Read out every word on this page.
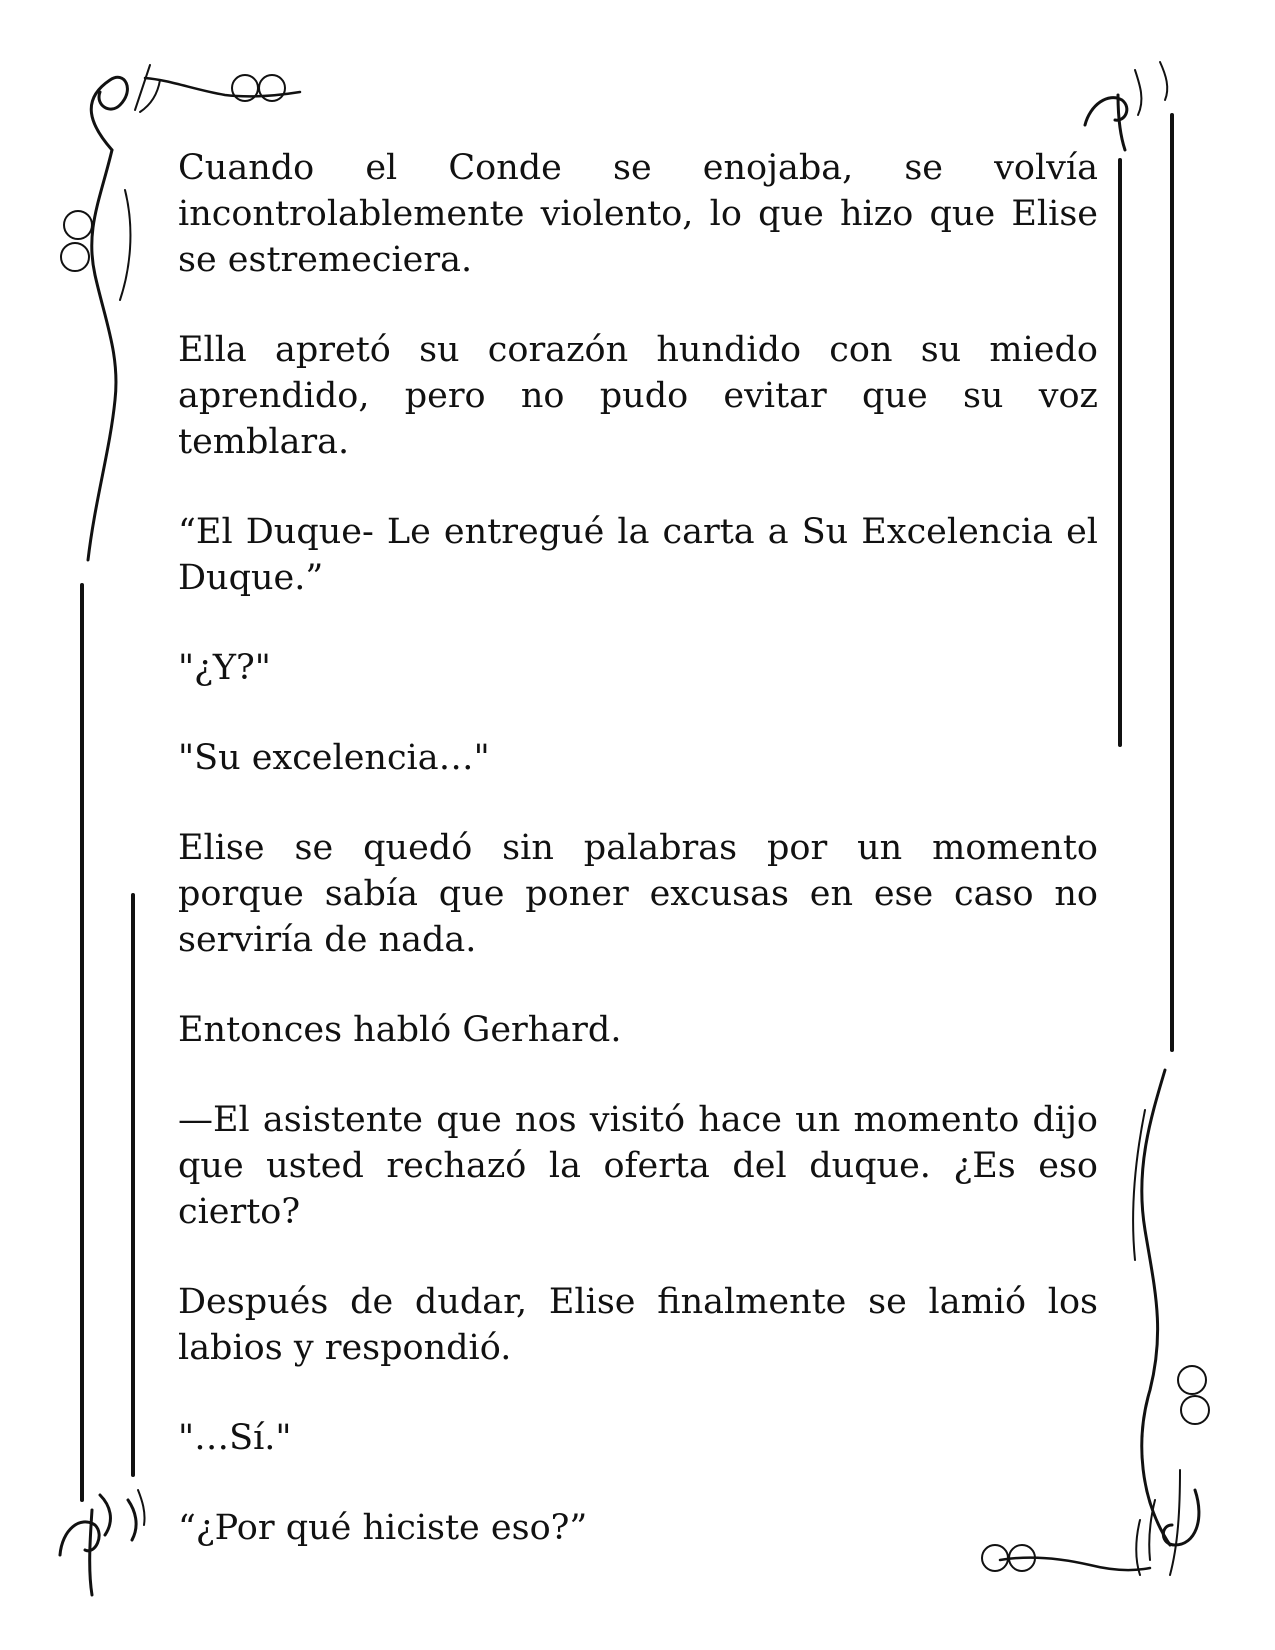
Cuando el Conde se enojaba, se volvía incontrolablemente violento, lo que hizo que Elise se estremeciera.

Ella apretó su corazón hundido con su miedo aprendido, pero no pudo evitar que su voz temblara.

“El Duque- Le entregué la carta a Su Excelencia el Duque.”

"¿Y?"

"Su excelencia…"

Elise se quedó sin palabras por un momento porque sabía que poner excusas en ese caso no serviría de nada.

Entonces habló Gerhard.

—El asistente que nos visitó hace un momento dijo que usted rechazó la oferta del duque. ¿Es eso cierto?

Después de dudar, Elise finalmente se lamió los labios y respondió.

"…Sí."

“¿Por qué hiciste eso?”
